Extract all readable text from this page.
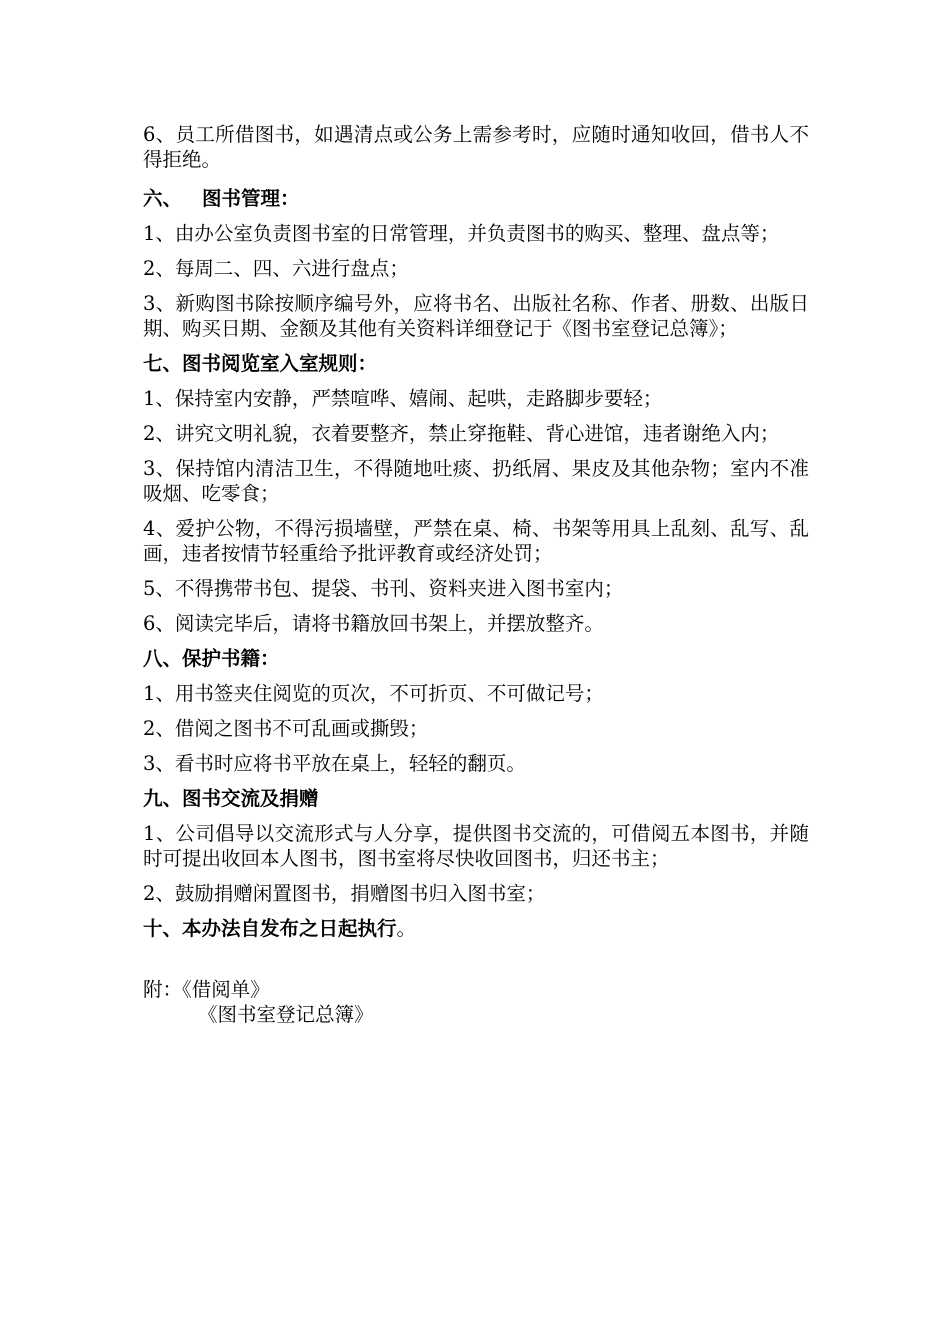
6、员工所借图书，如遇清点或公务上需参考时，应随时通知收回，借书人不得拒绝。
六、 图书管理：
1、由办公室负责图书室的日常管理，并负责图书的购买、整理、盘点等；
2、每周二、四、六进行盘点；
3、新购图书除按顺序编号外，应将书名、出版社名称、作者、册数、出版日期、购买日期、金额及其他有关资料详细登记于《图书室登记总簿》；
七、图书阅览室入室规则：
1、保持室内安静，严禁喧哗、嬉闹、起哄，走路脚步要轻；
2、讲究文明礼貌，衣着要整齐，禁止穿拖鞋、背心进馆，违者谢绝入内；
3、保持馆内清洁卫生，不得随地吐痰、扔纸屑、果皮及其他杂物；室内不准吸烟、吃零食；
4、爱护公物，不得污损墙壁，严禁在桌、椅、书架等用具上乱刻、乱写、乱画，违者按情节轻重给予批评教育或经济处罚；
5、不得携带书包、提袋、书刊、资料夹进入图书室内；
6、阅读完毕后，请将书籍放回书架上，并摆放整齐。
八、保护书籍：
1、用书签夹住阅览的页次，不可折页、不可做记号；
2、借阅之图书不可乱画或撕毁；
3、看书时应将书平放在桌上，轻轻的翻页。
九、图书交流及捐赠
1、公司倡导以交流形式与人分享，提供图书交流的，可借阅五本图书，并随时可提出收回本人图书，图书室将尽快收回图书，归还书主；
2、鼓励捐赠闲置图书，捐赠图书归入图书室；
十、本办法自发布之日起执行。
附：《借阅单》
《图书室登记总簿》
